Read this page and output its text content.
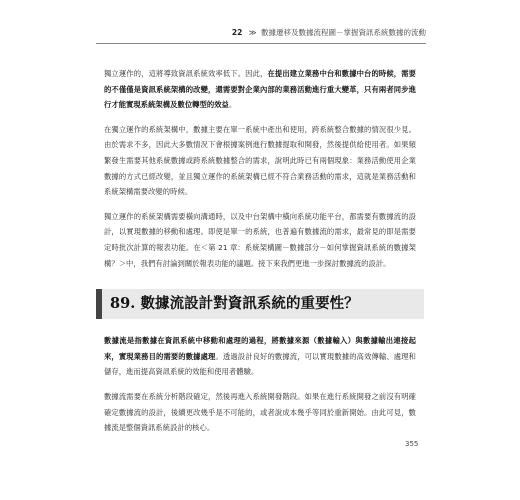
22 ≫ 數據遷移及數據流程圖－掌握資訊系統數據的流動

獨立運作的，這將導致資訊系統效率低下。因此，在提出建立業務中台和數據中台的時候，需要的不僅僅是資訊系統架構的改變，還需要對企業內部的業務活動進行重大變革，只有兩者同步進行才能實現系統架構及數位轉型的效益。

在獨立運作的系統架構中，數據主要在單一系統中產出和使用，跨系統整合數據的情況很少見。由於需求不多，因此大多數情況下會根據案例進行數據提取和開發，然後提供給使用者。如果頻繁發生需要其他系統數據或跨系統數據整合的需求，說明此時已有兩個現象：業務活動使用企業數據的方式已經改變，並且獨立運作的系統架構已經不符合業務活動的需求，這就是業務活動和系統架構需要改變的時候。

獨立運作的系統架構需要橫向溝通時，以及中台架構中橫向系統功能平台，都需要有數據流的設計，以實現數據的移動和處理。即使是單一的系統，也普遍有數據流的需求，最常見的即是需要定時批次計算的報表功能。在＜第 21 章：系統架構圖－數據部分－如何掌握資訊系統的數據架構？＞中，我們有討論到關於報表功能的議題。接下來我們更進一步探討數據流的設計。

89. 數據流設計對資訊系統的重要性？

數據流是指數據在資訊系統中移動和處理的過程，將數據來源（數據輸入）與數據輸出連接起來，實現業務目的需要的數據處理。透過設計良好的數據流，可以實現數據的高效傳輸、處理和儲存，進而提高資訊系統的效能和使用者體驗。

數據流需要在系統分析階段確定，然後再進入系統開發階段。如果在進行系統開發之前沒有明確確定數據流的設計，後續更改幾乎是不可能的，或者說成本幾乎等同於重新開始。由此可見，數據流是整個資訊系統設計的核心。

355
